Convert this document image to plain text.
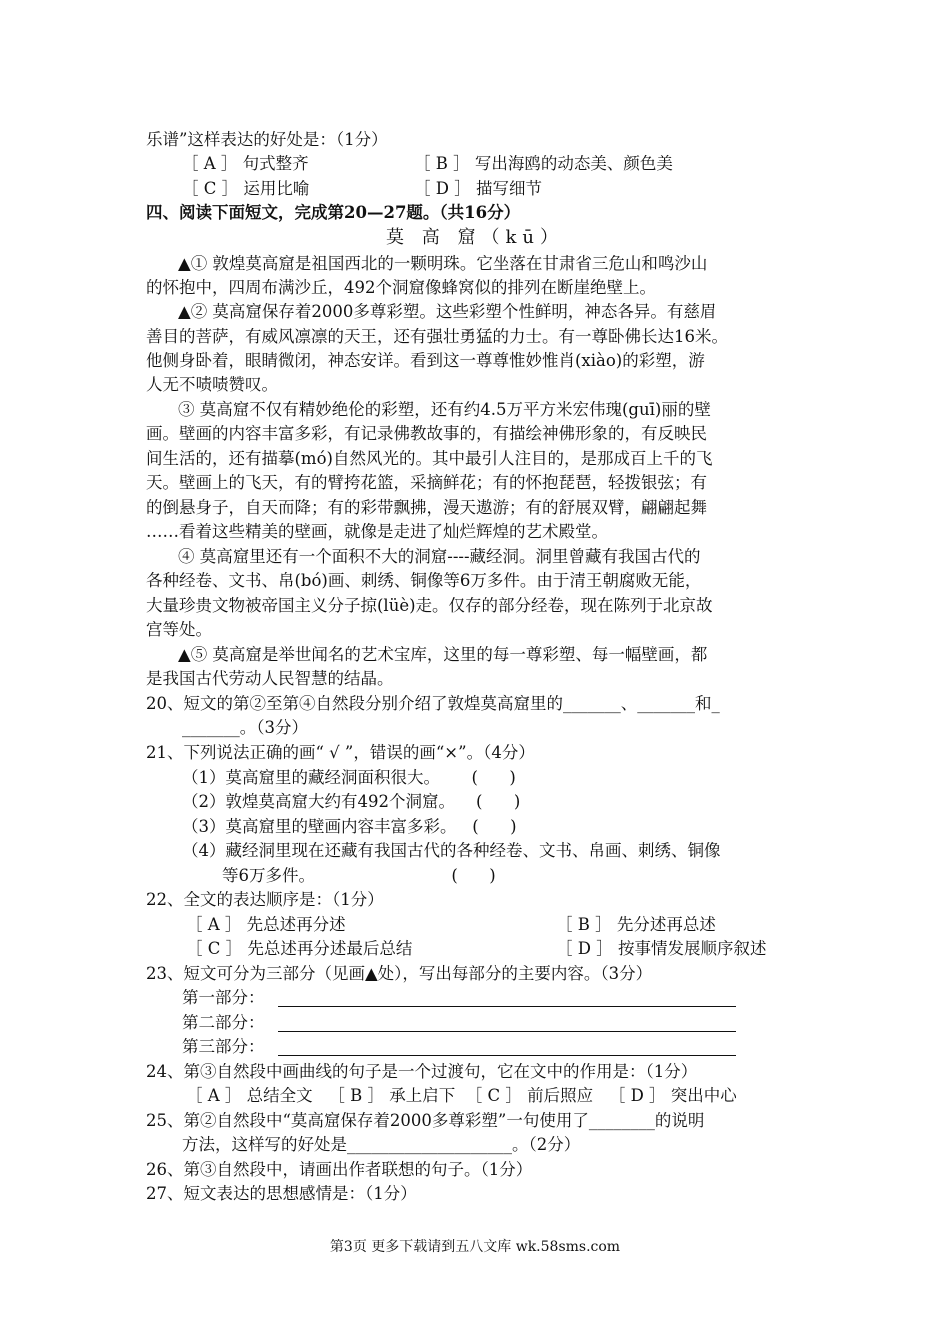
乐谱”这样表达的好处是：（1分）
［ A ］ 句式整齐	［ B ］ 写出海鸥的动态美、颜色美
［ C ］ 运用比喻	［ D ］ 描写细节
四、阅读下面短文，完成第20—27题。（共16分）
莫 高 窟（kū）
▲① 敦煌莫高窟是祖国西北的一颗明珠。它坐落在甘肃省三危山和鸣沙山
的怀抱中，四周布满沙丘，492个洞窟像蜂窝似的排列在断崖绝壁上。
▲② 莫高窟保存着2000多尊彩塑。这些彩塑个性鲜明，神态各异。有慈眉
善目的菩萨，有威风凛凛的天王，还有强壮勇猛的力士。有一尊卧佛长达16米。
他侧身卧着，眼睛微闭，神态安详。看到这一尊尊惟妙惟肖(xiào)的彩塑，游
人无不啧啧赞叹。
③ 莫高窟不仅有精妙绝伦的彩塑，还有约4.5万平方米宏伟瑰(guī)丽的壁
画。壁画的内容丰富多彩，有记录佛教故事的，有描绘神佛形象的，有反映民
间生活的，还有描摹(mó)自然风光的。其中最引人注目的，是那成百上千的飞
天。壁画上的飞天，有的臂挎花篮，采摘鲜花；有的怀抱琵琶，轻拨银弦；有
的倒悬身子，自天而降；有的彩带飘拂，漫天遨游；有的舒展双臂，翩翩起舞
……看着这些精美的壁画，就像是走进了灿烂辉煌的艺术殿堂。
④ 莫高窟里还有一个面积不大的洞窟----藏经洞。洞里曾藏有我国古代的
各种经卷、文书、帛(bó)画、刺绣、铜像等6万多件。由于清王朝腐败无能，
大量珍贵文物被帝国主义分子掠(lüè)走。仅存的部分经卷，现在陈列于北京故
宫等处。
▲⑤ 莫高窟是举世闻名的艺术宝库，这里的每一尊彩塑、每一幅壁画，都
是我国古代劳动人民智慧的结晶。
20、短文的第②至第④自然段分别介绍了敦煌莫高窟里的_______、_______和_
_______。（3分）
21、下列说法正确的画“ √ ”，错误的画“×”。（4分）
（1）莫高窟里的藏经洞面积很大。      (      )
（2）敦煌莫高窟大约有492个洞窟。    (      )
（3）莫高窟里的壁画内容丰富多彩。   (      )
（4）藏经洞里现在还藏有我国古代的各种经卷、文书、帛画、刺绣、铜像
等6万多件。                          (      )
22、全文的表达顺序是：（1分）
［ A ］ 先总述再分述	［ B ］ 先分述再总述
［ C ］ 先总述再分述最后总结	［ D ］ 按事情发展顺序叙述
23、短文可分为三部分（见画▲处），写出每部分的主要内容。（3分）
第一部分：
第二部分：
第三部分：
24、第③自然段中画曲线的句子是一个过渡句，它在文中的作用是：（1分）
［ A ］ 总结全文   ［ B ］ 承上启下  ［ C ］ 前后照应   ［ D ］ 突出中心
25、第②自然段中“莫高窟保存着2000多尊彩塑”一句使用了________的说明
方法，这样写的好处是____________________。（2分）
26、第③自然段中，请画出作者联想的句子。（1分）
27、短文表达的思想感情是：（1分）
第3页 更多下载请到五八文库 wk.58sms.com
